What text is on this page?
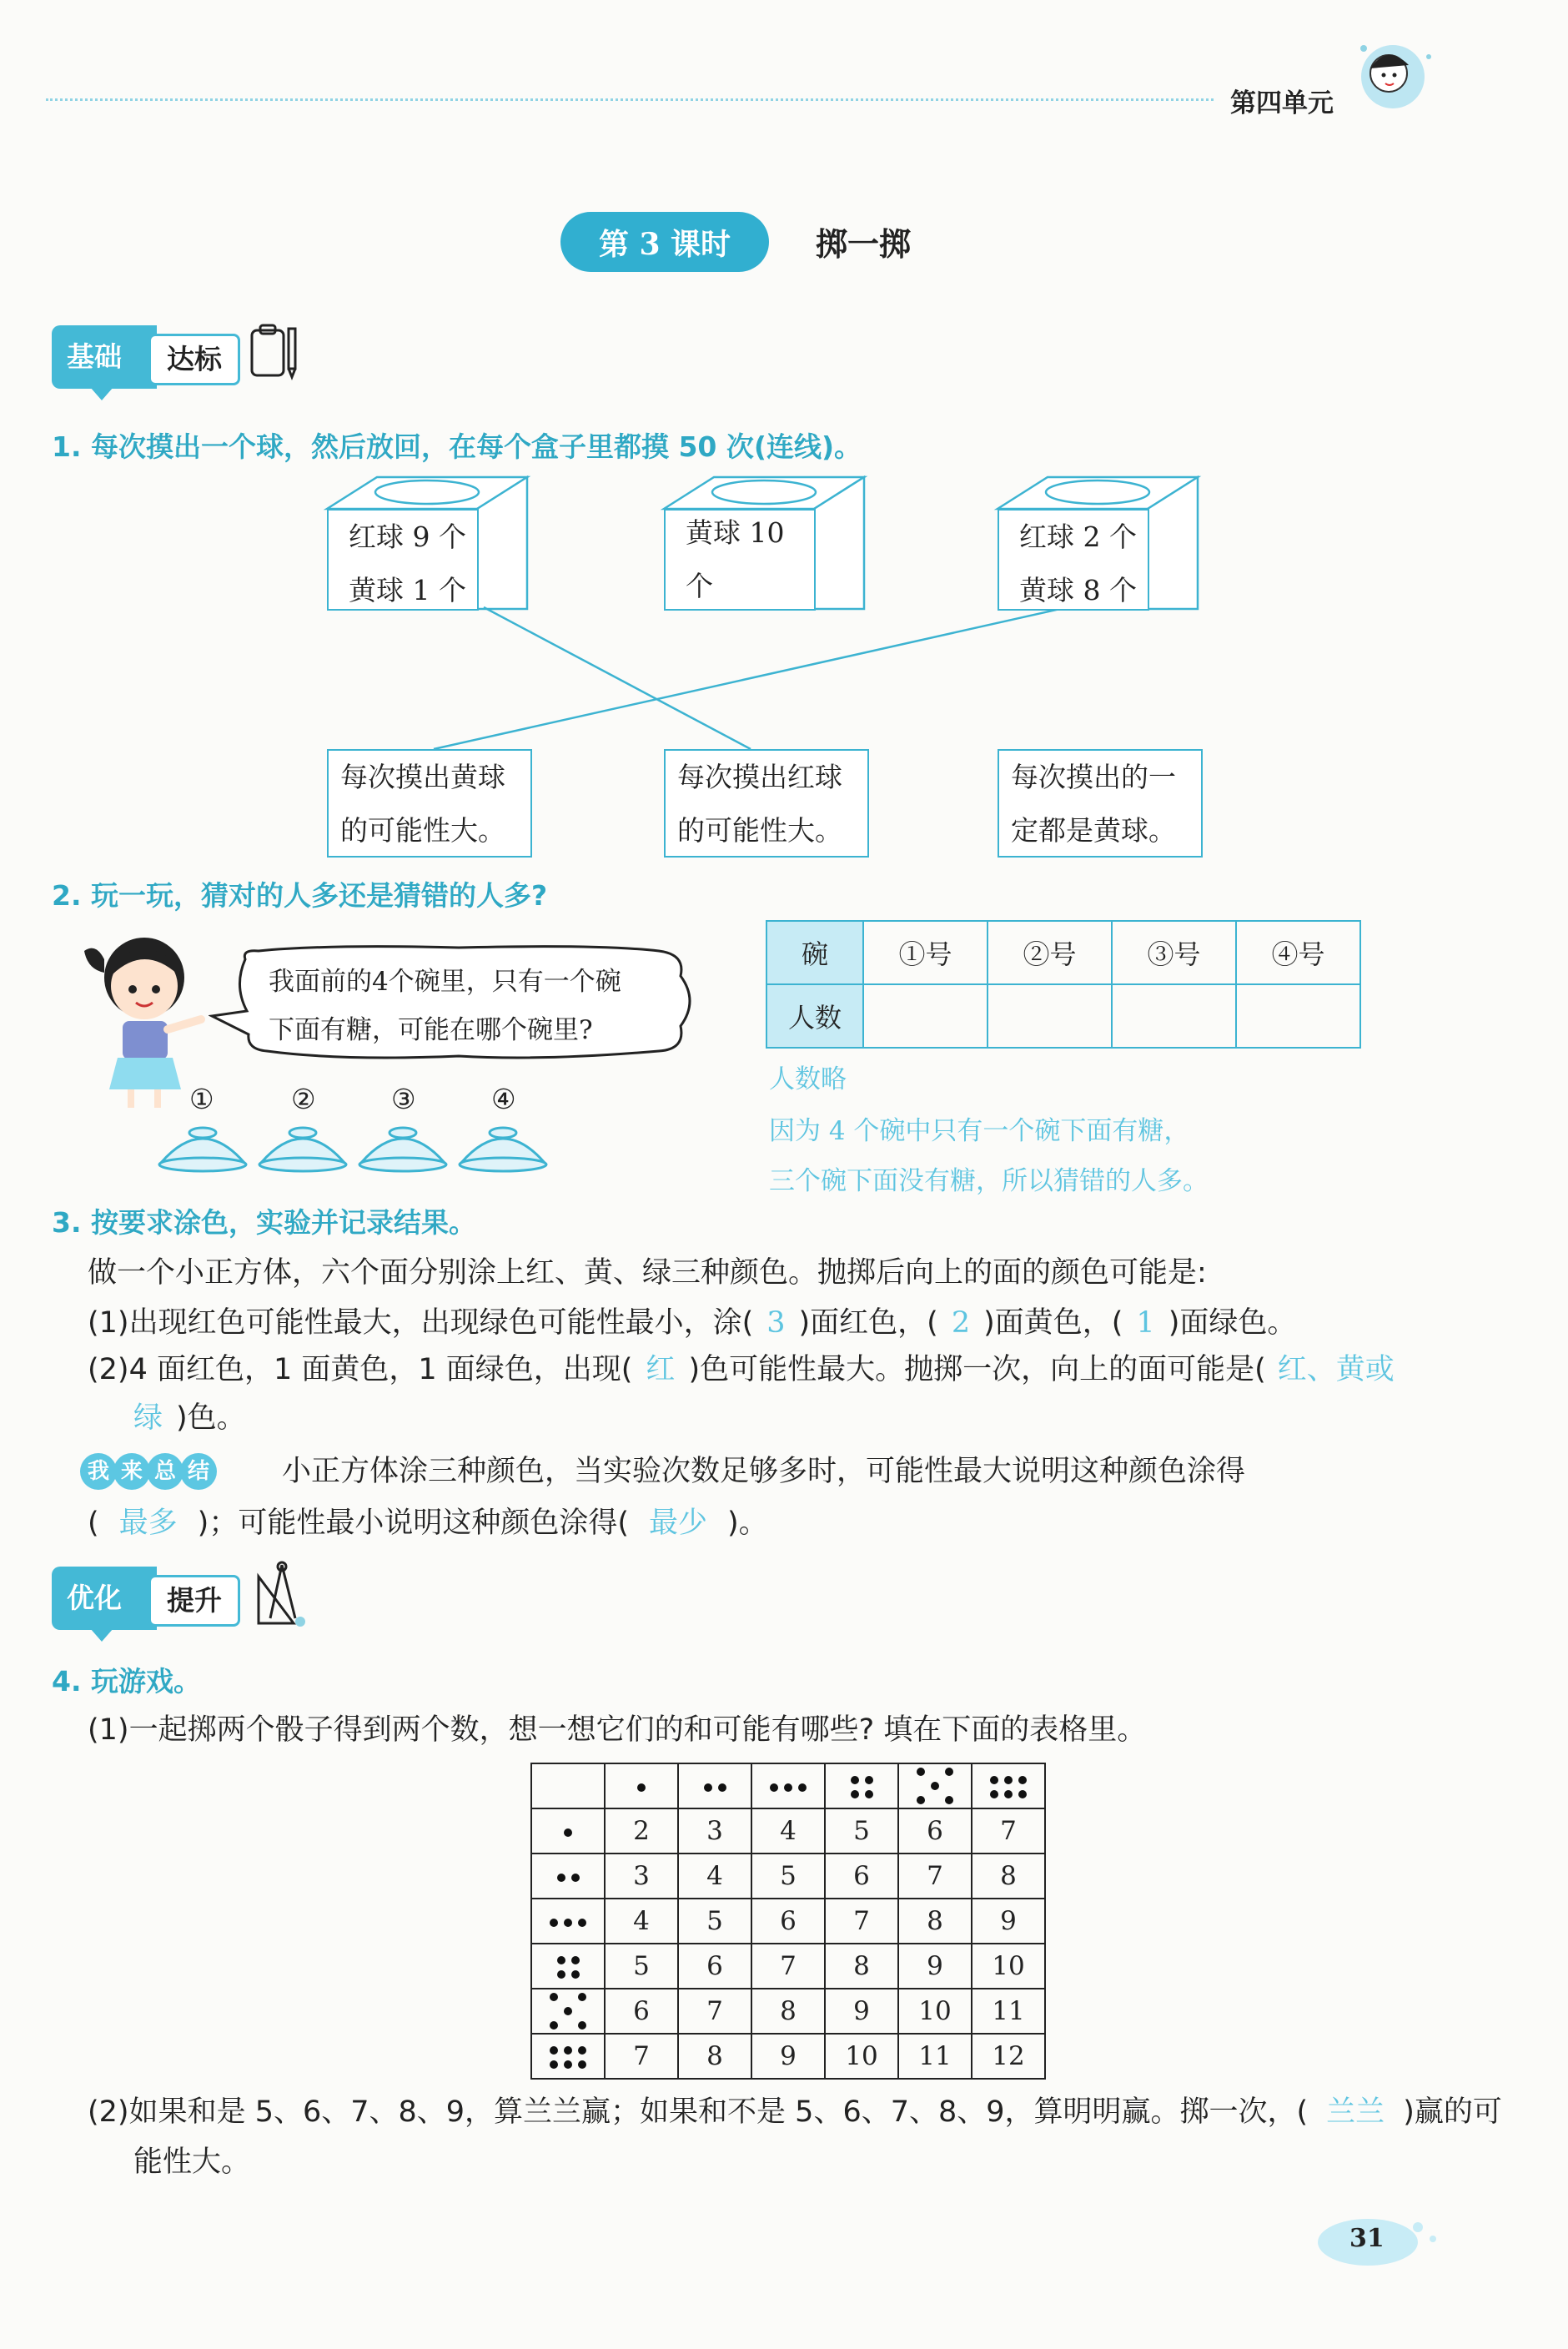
第四单元
第 3 课时	掷一掷
基础	达标
1. 每次摸出一个球，然后放回，在每个盒子里都摸 50 次(连线)。
红球 9 个
黄球 1 个
黄球 10 个
红球 2 个
黄球 8 个
每次摸出黄球
的可能性大。
每次摸出红球
的可能性大。
每次摸出的一
定都是黄球。
2. 玩一玩，猜对的人多还是猜错的人多?
我面前的4个碗里，只有一个碗
下面有糖，可能在哪个碗里?
①	②	③	④
碗	①号	②号	③号	④号
人数				
人数略
因为 4 个碗中只有一个碗下面有糖，
三个碗下面没有糖，所以猜错的人多。
3. 按要求涂色，实验并记录结果。
做一个小正方体，六个面分别涂上红、黄、绿三种颜色。抛掷后向上的面的颜色可能是:
(1)出现红色可能性最大，出现绿色可能性最小，涂( 3 )面红色，( 2 )面黄色，( 1 )面绿色。
(2)4 面红色，1 面黄色，1 面绿色，出现( 红 )色可能性最大。抛掷一次，向上的面可能是( 红、黄或
绿 )色。
我 来 总 结 小正方体涂三种颜色，当实验次数足够多时，可能性最大说明这种颜色涂得
( 最多 )；可能性最小说明这种颜色涂得( 最少 )。
优化	提升
4. 玩游戏。
(1)一起掷两个骰子得到两个数，想一想它们的和可能有哪些? 填在下面的表格里。

	2	3	4	5	6	7

	3	4	5	6	7	8

	4	5	6	7	8	9

	5	6	7	8	9	10

	6	7	8	9	10	11

	7	8	9	10	11	12
(2)如果和是 5、6、7、8、9，算兰兰赢；如果和不是 5、6、7、8、9，算明明赢。掷一次，( 兰兰 )赢的可
能性大。
31
